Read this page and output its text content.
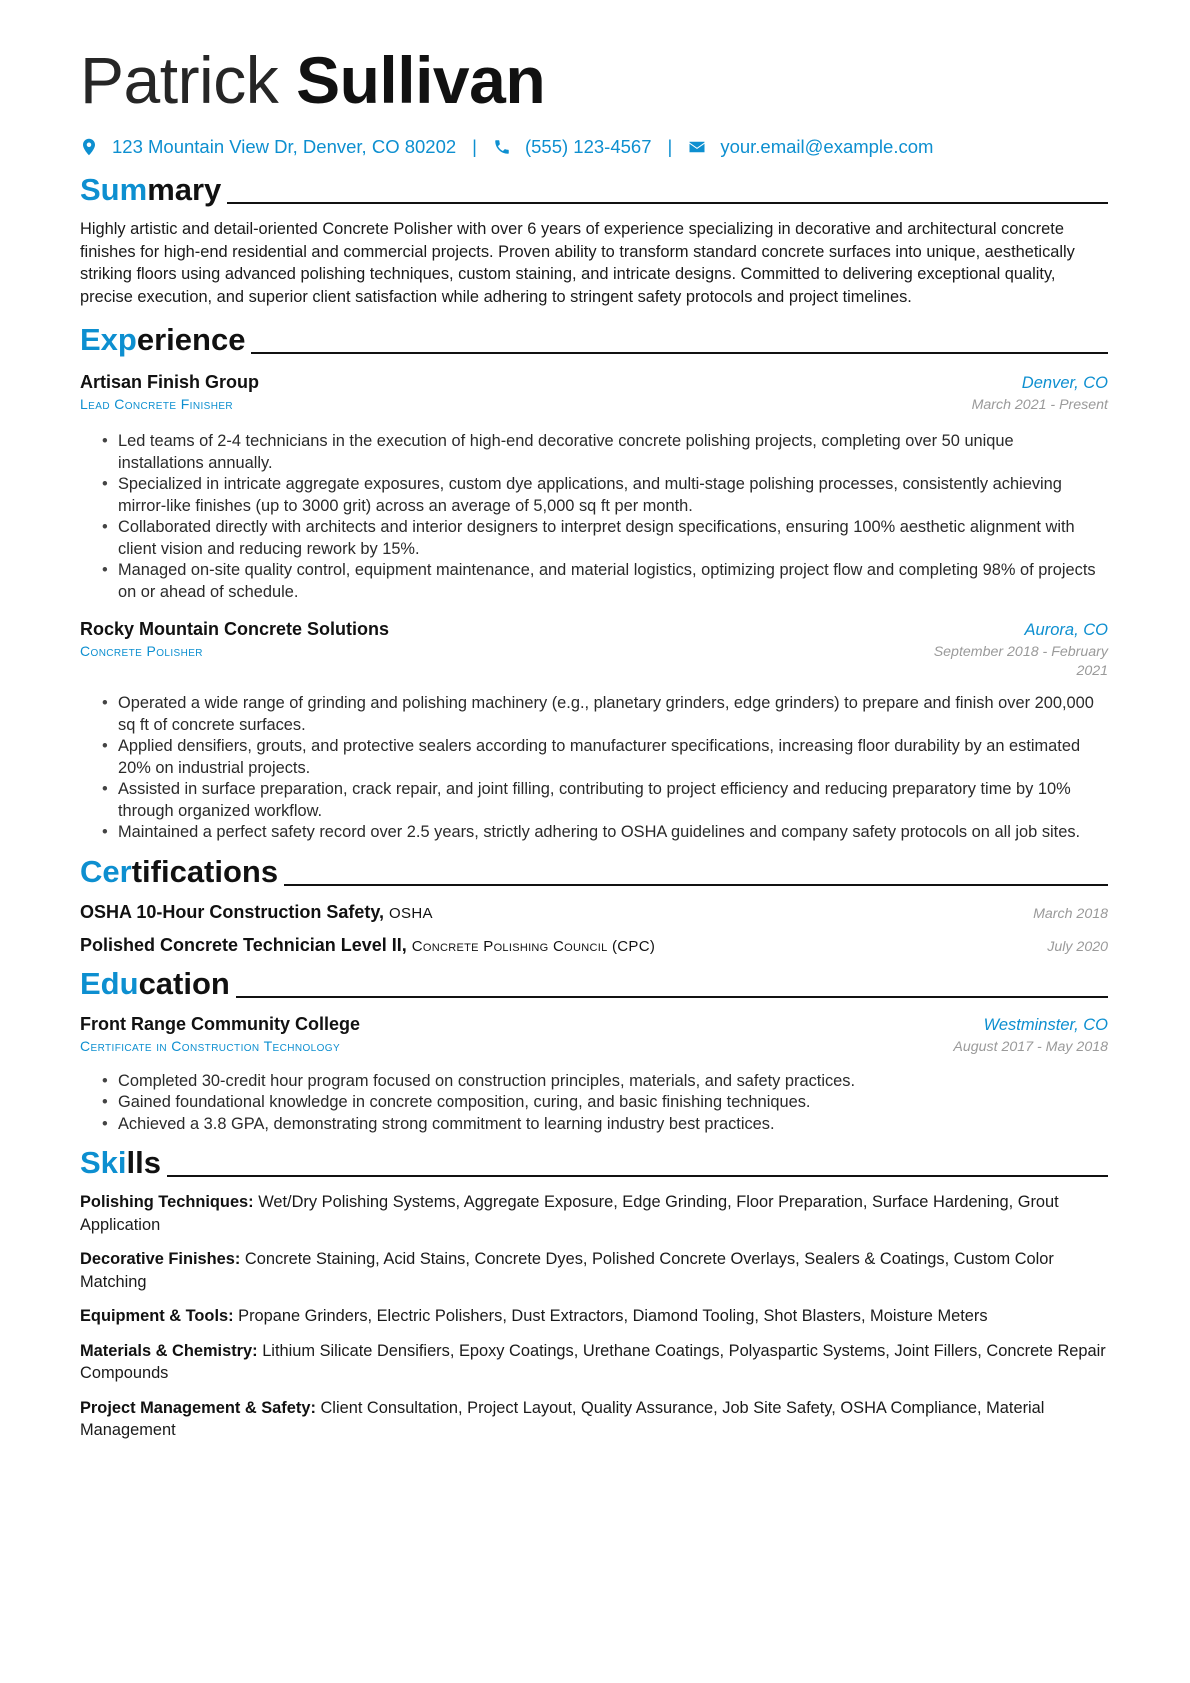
Patrick Sullivan
123 Mountain View Dr, Denver, CO 80202 |	(555) 123-4567 |	your.email@example.com
Summary

Highly artistic and detail-oriented Concrete Polisher with over 6 years of experience specializing in decorative and architectural concrete finishes for high-end residential and commercial projects. Proven ability to transform standard concrete surfaces into unique, aesthetically striking floors using advanced polishing techniques, custom staining, and intricate designs. Committed to delivering exceptional quality, precise execution, and superior client satisfaction while adhering to stringent safety protocols and project timelines.

Experience
Artisan Finish Group	Denver, CO
Lead Concrete Finisher	March 2021 - Present
• Led teams of 2-4 technicians in the execution of high-end decorative concrete polishing projects, completing over 50 unique installations annually.
• Specialized in intricate aggregate exposures, custom dye applications, and multi-stage polishing processes, consistently achieving mirror-like finishes (up to 3000 grit) across an average of 5,000 sq ft per month.
• Collaborated directly with architects and interior designers to interpret design specifications, ensuring 100% aesthetic alignment with client vision and reducing rework by 15%.
• Managed on-site quality control, equipment maintenance, and material logistics, optimizing project flow and completing 98% of projects on or ahead of schedule.
Rocky Mountain Concrete Solutions	Aurora, CO
Concrete Polisher	September 2018 - February 2021
• Operated a wide range of grinding and polishing machinery (e.g., planetary grinders, edge grinders) to prepare and finish over 200,000 sq ft of concrete surfaces.
• Applied densifiers, grouts, and protective sealers according to manufacturer specifications, increasing floor durability by an estimated 20% on industrial projects.
• Assisted in surface preparation, crack repair, and joint filling, contributing to project efficiency and reducing preparatory time by 10% through organized workflow.
• Maintained a perfect safety record over 2.5 years, strictly adhering to OSHA guidelines and company safety protocols on all job sites.
Certifications
OSHA 10-Hour Construction Safety, OSHA	March 2018
Polished Concrete Technician Level II, Concrete Polishing Council (CPC)	July 2020
Education
Front Range Community College	Westminster, CO
Certificate in Construction Technology	August 2017 - May 2018
• Completed 30-credit hour program focused on construction principles, materials, and safety practices.
• Gained foundational knowledge in concrete composition, curing, and basic finishing techniques.
• Achieved a 3.8 GPA, demonstrating strong commitment to learning industry best practices.
Skills
Polishing Techniques: Wet/Dry Polishing Systems, Aggregate Exposure, Edge Grinding, Floor Preparation, Surface Hardening, Grout Application
Decorative Finishes: Concrete Staining, Acid Stains, Concrete Dyes, Polished Concrete Overlays, Sealers & Coatings, Custom Color Matching
Equipment & Tools: Propane Grinders, Electric Polishers, Dust Extractors, Diamond Tooling, Shot Blasters, Moisture Meters
Materials & Chemistry: Lithium Silicate Densifiers, Epoxy Coatings, Urethane Coatings, Polyaspartic Systems, Joint Fillers, Concrete Repair Compounds
Project Management & Safety: Client Consultation, Project Layout, Quality Assurance, Job Site Safety, OSHA Compliance, Material Management
